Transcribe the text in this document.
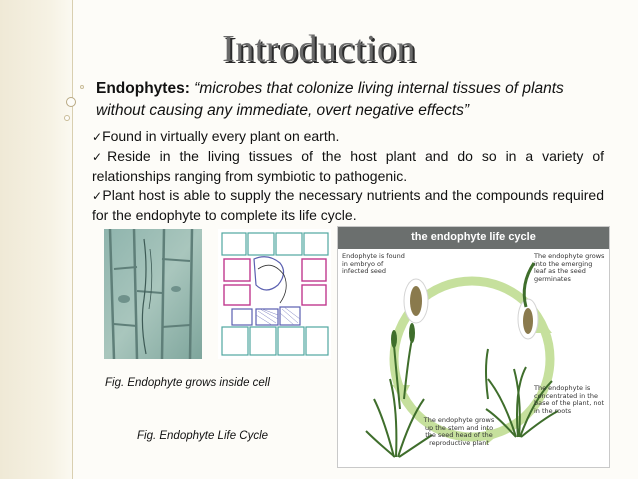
Introduction
Endophytes: “microbes that colonize living internal tissues of plants without causing any immediate, overt negative effects”

✓Found in virtually every plant on earth.

✓Reside in the living tissues of the host plant and do so in a variety of relationships ranging from symbiotic to pathogenic.

✓Plant host is able to supply the necessary nutrients and the compounds required for the endophyte to complete its life cycle.

the endophyte life cycle
Endophyte is found in embryo of infected seed
The endophyte grows into the emerging leaf as the seed germinates
The endophyte is concentrated in the base of the plant, not in the roots
The endophyte grows up the stem and into the seed head of the reproductive plant
Fig. Endophyte grows inside cell
Fig. Endophyte Life Cycle
